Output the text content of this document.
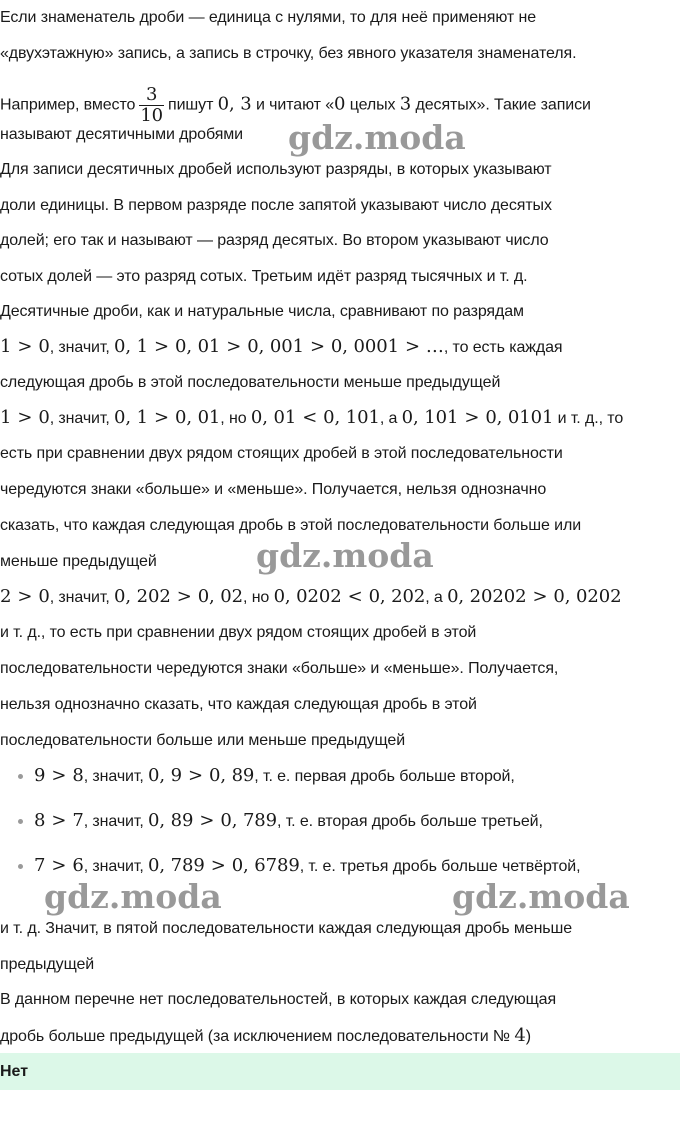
Если знаменатель дроби — единица с нулями, то для неё применяют не
«двухэтажную» запись, а запись в строчку, без явного указателя знаменателя.
Например, вместо $\frac{3}{10}$ пишут 0, 3 и читают «0 целых 3 десятых». Такие записи
называют десятичными дробями
Для записи десятичных дробей используют разряды, в которых указывают
доли единицы. В первом разряде после запятой указывают число десятых
долей; его так и называют — разряд десятых. Во втором указывают число
сотых долей — это разряд сотых. Третьим идёт разряд тысячных и т. д.
Десятичные дроби, как и натуральные числа, сравнивают по разрядам
1 > 0, значит, 0, 1 > 0, 01 > 0, 001 > 0, 0001 > …, то есть каждая
следующая дробь в этой последовательности меньше предыдущей
1 > 0, значит, 0, 1 > 0, 01, но 0, 01 < 0, 101, а 0, 101 > 0, 0101 и т. д., то
есть при сравнении двух рядом стоящих дробей в этой последовательности
чередуются знаки «больше» и «меньше». Получается, нельзя однозначно
сказать, что каждая следующая дробь в этой последовательности больше или
меньше предыдущей
2 > 0, значит, 0, 202 > 0, 02, но 0, 0202 < 0, 202, а 0, 20202 > 0, 0202
и т. д., то есть при сравнении двух рядом стоящих дробей в этой
последовательности чередуются знаки «больше» и «меньше». Получается,
нельзя однозначно сказать, что каждая следующая дробь в этой
последовательности больше или меньше предыдущей
9 > 8, значит, 0, 9 > 0, 89, т. е. первая дробь больше второй,
8 > 7, значит, 0, 89 > 0, 789, т. е. вторая дробь больше третьей,
7 > 6, значит, 0, 789 > 0, 6789, т. е. третья дробь больше четвёртой,
и т. д. Значит, в пятой последовательности каждая следующая дробь меньше
предыдущей
В данном перечне нет последовательностей, в которых каждая следующая
дробь больше предыдущей (за исключением последовательности № 4)
Нет
gdz.moda
gdz.moda
gdz.moda	gdz.moda
